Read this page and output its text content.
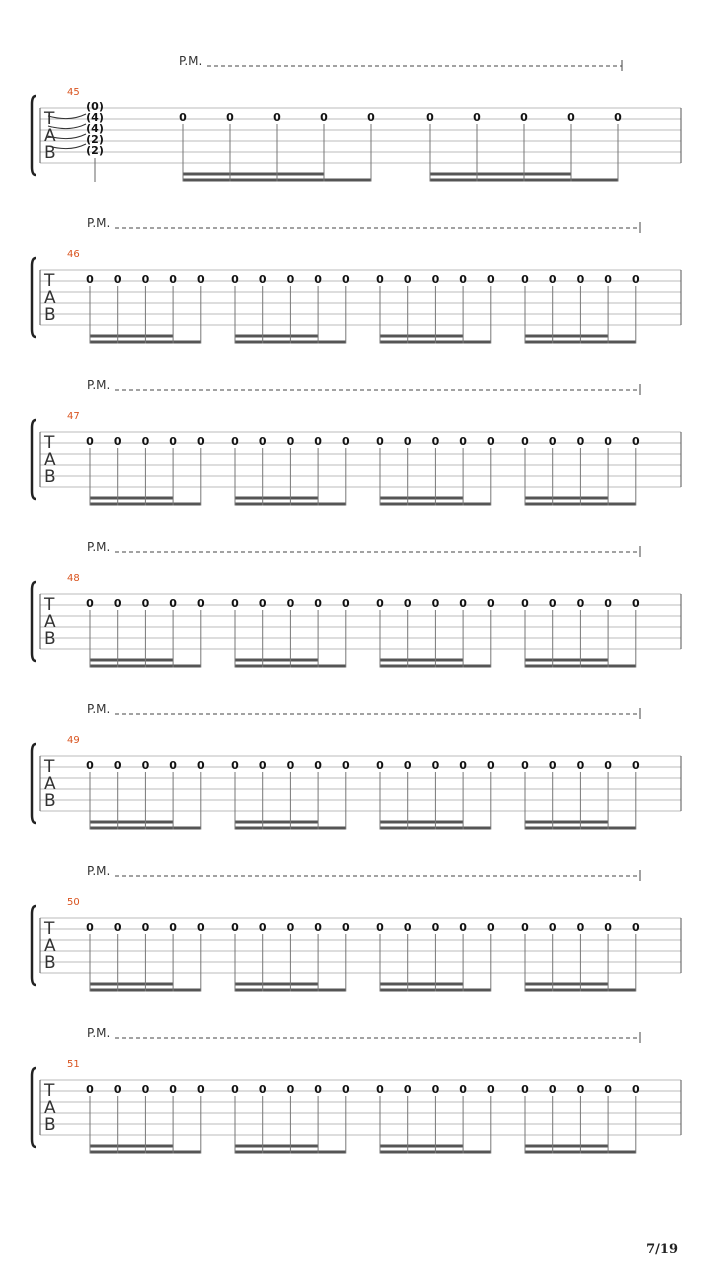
T
A
B
45
P.M.
(0)
(4)
(4)
(2)
(2)
0	0	0	0	0	0	0	0	0	0
T
A
B
46
P.M.
0 0 0 0 0 0 0 0 0 0 0 0 0 0 0 0 0 0 0 0
T
A
B
47
P.M.
0 0 0 0 0 0 0 0 0 0 0 0 0 0 0 0 0 0 0 0
T
A
B
48
P.M.
0 0 0 0 0 0 0 0 0 0 0 0 0 0 0 0 0 0 0 0
T
A
B
49
P.M.
0 0 0 0 0 0 0 0 0 0 0 0 0 0 0 0 0 0 0 0
T
A
B
50
P.M.
0 0 0 0 0 0 0 0 0 0 0 0 0 0 0 0 0 0 0 0
T
A
B
51
P.M.
0 0 0 0 0 0 0 0 0 0 0 0 0 0 0 0 0 0 0 0
7/19
